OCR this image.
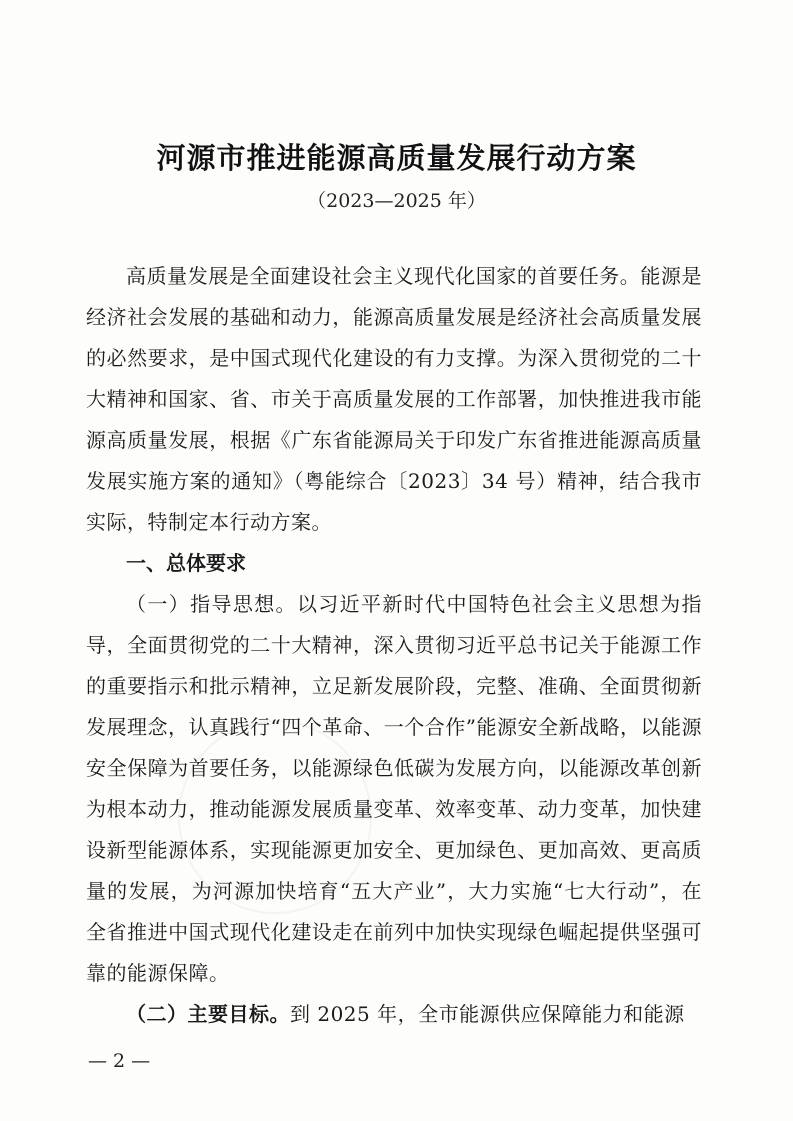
河源市推进能源高质量发展行动方案

（2023—2025 年）

高质量发展是全面建设社会主义现代化国家的首要任务。能源是经济社会发展的基础和动力，能源高质量发展是经济社会高质量发展的必然要求，是中国式现代化建设的有力支撑。为深入贯彻党的二十大精神和国家、省、市关于高质量发展的工作部署，加快推进我市能源高质量发展，根据《广东省能源局关于印发广东省推进能源高质量发展实施方案的通知》（粤能综合〔2023〕34 号）精神，结合我市实际，特制定本行动方案。

一、总体要求

（一）指导思想。以习近平新时代中国特色社会主义思想为指导，全面贯彻党的二十大精神，深入贯彻习近平总书记关于能源工作的重要指示和批示精神，立足新发展阶段，完整、准确、全面贯彻新发展理念，认真践行“四个革命、一个合作”能源安全新战略，以能源安全保障为首要任务，以能源绿色低碳为发展方向，以能源改革创新为根本动力，推动能源发展质量变革、效率变革、动力变革，加快建设新型能源体系，实现能源更加安全、更加绿色、更加高效、更高质量的发展，为河源加快培育“五大产业”，大力实施“七大行动”，在全省推进中国式现代化建设走在前列中加快实现绿色崛起提供坚强可靠的能源保障。

（二）主要目标。到 2025 年，全市能源供应保障能力和能源

— 2 —
